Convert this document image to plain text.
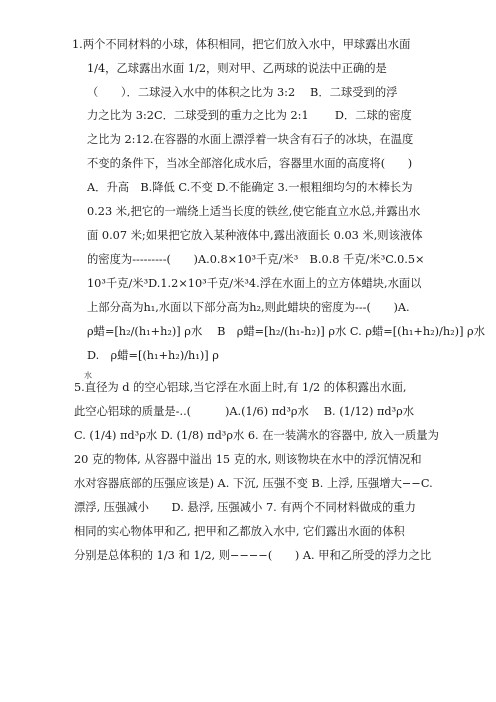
1.两个不同材料的小球，体积相同，把它们放入水中，甲球露出水面
1/4，乙球露出水面 1/2，则对甲、乙两球的说法中正确的是
（　　）．二球浸入水中的体积之比为 3:2　 B．二球受到的浮
力之比为 3:2C．二球受到的重力之比为 2:1　　 D．二球的密度
之比为 2:12.在容器的水面上漂浮着一块含有石子的冰块，在温度
不变的条件下，当冰全部溶化成水后，容器里水面的高度将(　　)
A．升高　B.降低 C.不变 D.不能确定 3.一根粗细均匀的木棒长为
0.23 米,把它的一端绕上适当长度的铁丝,使它能直立水总,并露出水
面 0.07 米;如果把它放入某种液体中,露出液面长 0.03 米,则该液体
的密度为---------(　　)A.0.8×10³千克/米³　B.0.8 千克/米³C.0.5×
10³千克/米³D.1.2×10³千克/米³4.浮在水面上的立方体蜡块,水面以
上部分高为h₁,水面以下部分高为h₂,则此蜡块的密度为---(　　)A.
ρ蜡=[h₂/(h₁+h₂)] ρ水　 B　ρ蜡=[h₂/(h₁-h₂)] ρ水 C. ρ蜡=[(h₁+h₂)/h₂)] ρ水
D.　ρ蜡=[(h₁+h₂)/h₁)] ρ
水
5.直径为 d 的空心铝球,当它浮在水面上时,有 1/2 的体积露出水面,
此空心铝球的质量是-..(　　　)A.(1/6) πd³ρ水　 B. (1/12) πd³ρ水
C. (1/4) πd³ρ水 D. (1/8) πd³ρ水 6. 在一装满水的容器中, 放入一质量为
20 克的物体, 从容器中溢出 15 克的水, 则该物块在水中的浮沉情况和
水对容器底部的压强应该是) A. 下沉, 压强不变 B. 上浮, 压强增大−−C.
漂浮, 压强减小　　D. 悬浮, 压强减小 7. 有两个不同材料做成的重力
相同的实心物体甲和乙, 把甲和乙都放入水中, 它们露出水面的体积
分别是总体积的 1/3 和 1/2, 则−−−−(　　) A. 甲和乙所受的浮力之比
